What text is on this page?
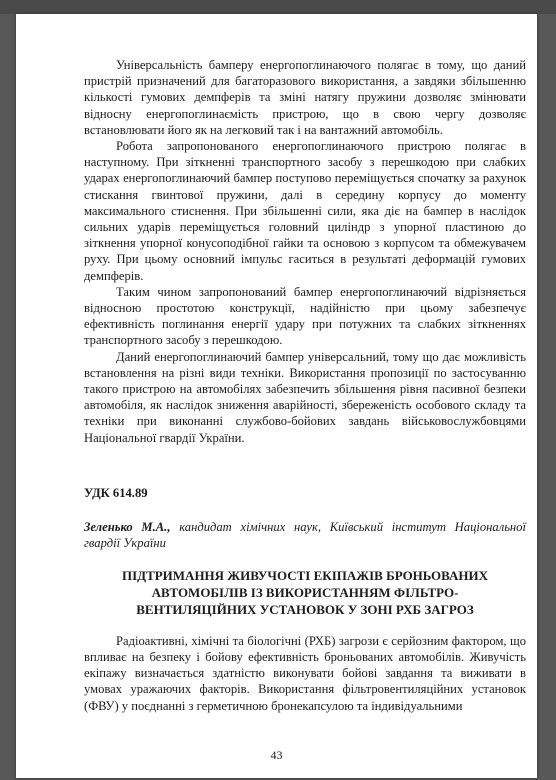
Універсальність бамперу енергопоглинаючого полягає в тому, що даний пристрій призначений для багаторазового використання, а завдяки збільшенню кількості гумових демпферів та зміні натягу пружини дозволяє змінювати відносну енергопоглинаємість пристрою, що в свою чергу дозволяє встановлювати його як на легковий так і на вантажний автомобіль.

Робота запропонованого енергопоглинаючого пристрою полягає в наступному. При зіткненні транспортного засобу з перешкодою при слабких ударах енергопоглинаючий бампер поступово переміщується спочатку за рахунок стискання гвинтової пружини, далі в середину корпусу до моменту максимального стиснення. При збільшенні сили, яка діє на бампер в наслідок сильних ударів переміщується головний циліндр з упорної пластиною до зіткнення упорної конусоподібної гайки та основою з корпусом та обмежувачем руху. При цьому основний імпульс гаситься в результаті деформацій гумових демпферів.

Таким чином запропонований бампер енергопоглинаючий відрізняється відносною простотою конструкції, надійністю при цьому забезпечує ефективність поглинання енергії удару при потужних та слабких зіткненнях транспортного засобу з перешкодою.

Даний енергопоглинаючий бампер універсальний, тому що дає можливість встановлення на різні види техніки. Використання пропозиції по застосуванню такого пристрою на автомобілях забезпечить збільшення рівня пасивної безпеки автомобіля, як наслідок зниження аварійності, збереженість особового складу та техніки при виконанні службово-бойових завдань військовослужбовцями Національної гвардії України.

УДК 614.89

Зеленько М.А., кандидат хімічних наук, Київський інститут Національної гвардії України

ПІДТРИМАННЯ ЖИВУЧОСТІ ЕКІПАЖІВ БРОНЬОВАНИХ АВТОМОБІЛІВ ІЗ ВИКОРИСТАННЯМ ФІЛЬТРО-ВЕНТИЛЯЦІЙНИХ УСТАНОВОК У ЗОНІ РХБ ЗАГРОЗ

Радіоактивні, хімічні та біологічні (РХБ) загрози є серйозним фактором, що впливає на безпеку і бойову ефективність броньованих автомобілів. Живучість екіпажу визначається здатністю виконувати бойові завдання та виживати в умовах уражаючих факторів. Використання фільтровентиляційних установок (ФВУ) у поєднанні з герметичною бронекапсулою та індивідуальними

43
